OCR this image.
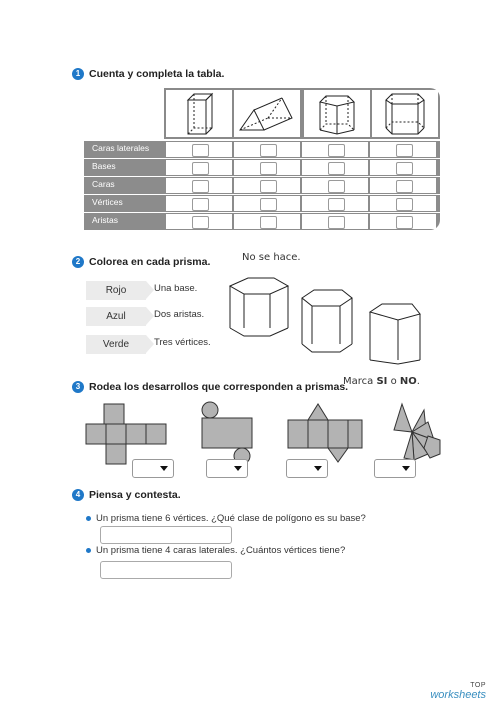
1 Cuenta y completa la tabla.
Caras laterales
Bases
Caras
Vértices
Aristas
2 Colorea en cada prisma.	No se hace.
Rojo	Una base.
Azul	Dos aristas.
Verde	Tres vértices.
3 Rodea los desarrollos que corresponden a prismas.
Marca SI o NO.
4 Piensa y contesta.
Un prisma tiene 6 vértices. ¿Qué clase de polígono es su base?
Un prisma tiene 4 caras laterales. ¿Cuántos vértices tiene?
TOP
worksheets
